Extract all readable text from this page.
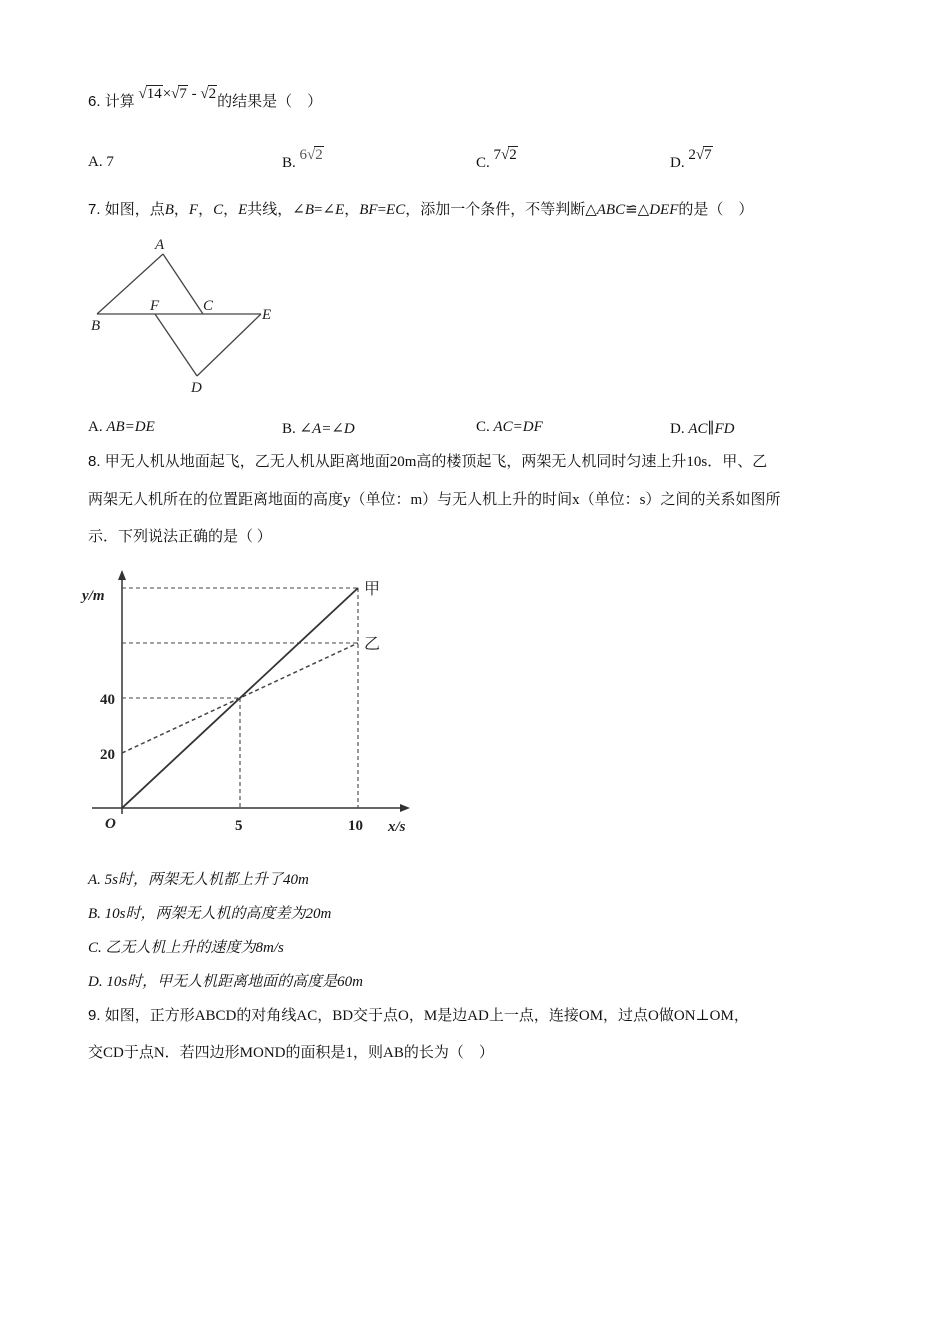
6. 计算 √14×√7 - √2的结果是（　）
A. 7	B. 6√2	C. 7√2	D. 2√7
7. 如图，点B，F，C，E共线，∠B=∠E，BF=EC，添加一个条件，不等判断△ABC≌△DEF的是（　）
A
B
F	C
E
D
A. AB=DE	B. ∠A=∠D	C. AC=DF	D. AC∥FD
8. 甲无人机从地面起飞，乙无人机从距离地面20m高的楼顶起飞，两架无人机同时匀速上升10s．甲、乙
两架无人机所在的位置距离地面的高度y（单位：m）与无人机上升的时间x（单位：s）之间的关系如图所
示．下列说法正确的是（ ）
y/m
x/s
O
20
40
5	10
甲
乙
A. 5s时，两架无人机都上升了40m
B. 10s时，两架无人机的高度差为20m
C. 乙无人机上升的速度为8m/s
D. 10s时，甲无人机距离地面的高度是60m
9. 如图，正方形ABCD的对角线AC，BD交于点O，M是边AD上一点，连接OM，过点O做ON⊥OM，
交CD于点N．若四边形MOND的面积是1，则AB的长为（　）
